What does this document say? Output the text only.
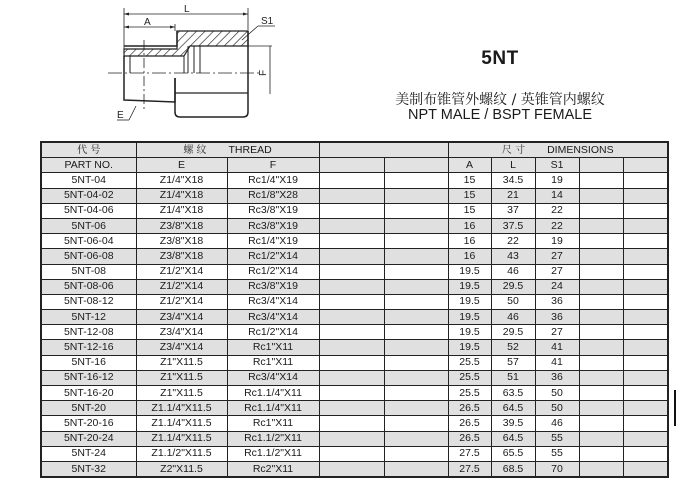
L
A	S1
F
E
5NT
美制布锥管外螺纹 / 英锥管内螺纹
NPT MALE / BSPT FEMALE
代 号	螺 纹 THREAD				尺 寸 DIMENSIONS				
PART NO.	E	F			A	L	S1		
5NT-04	Z1/4"X18	Rc1/4"X19			15	34.5	19		
5NT-04-02	Z1/4"X18	Rc1/8"X28			15	21	14		
5NT-04-06	Z1/4"X18	Rc3/8"X19			15	37	22		
5NT-06	Z3/8"X18	Rc3/8"X19			16	37.5	22		
5NT-06-04	Z3/8"X18	Rc1/4"X19			16	22	19		
5NT-06-08	Z3/8"X18	Rc1/2"X14			16	43	27		
5NT-08	Z1/2"X14	Rc1/2"X14			19.5	46	27		
5NT-08-06	Z1/2"X14	Rc3/8"X19			19.5	29.5	24		
5NT-08-12	Z1/2"X14	Rc3/4"X14			19.5	50	36		
5NT-12	Z3/4"X14	Rc3/4"X14			19.5	46	36		
5NT-12-08	Z3/4"X14	Rc1/2"X14			19.5	29.5	27		
5NT-12-16	Z3/4"X14	Rc1"X11			19.5	52	41		
5NT-16	Z1"X11.5	Rc1"X11			25.5	57	41		
5NT-16-12	Z1"X11.5	Rc3/4"X14			25.5	51	36		
5NT-16-20	Z1"X11.5	Rc1.1/4"X11			25.5	63.5	50		
5NT-20	Z1.1/4"X11.5	Rc1.1/4"X11			26.5	64.5	50		
5NT-20-16	Z1.1/4"X11.5	Rc1"X11			26.5	39.5	46		
5NT-20-24	Z1.1/4"X11.5	Rc1.1/2"X11			26.5	64.5	55		
5NT-24	Z1.1/2"X11.5	Rc1.1/2"X11			27.5	65.5	55		
5NT-32	Z2"X11.5	Rc2"X11			27.5	68.5	70		
